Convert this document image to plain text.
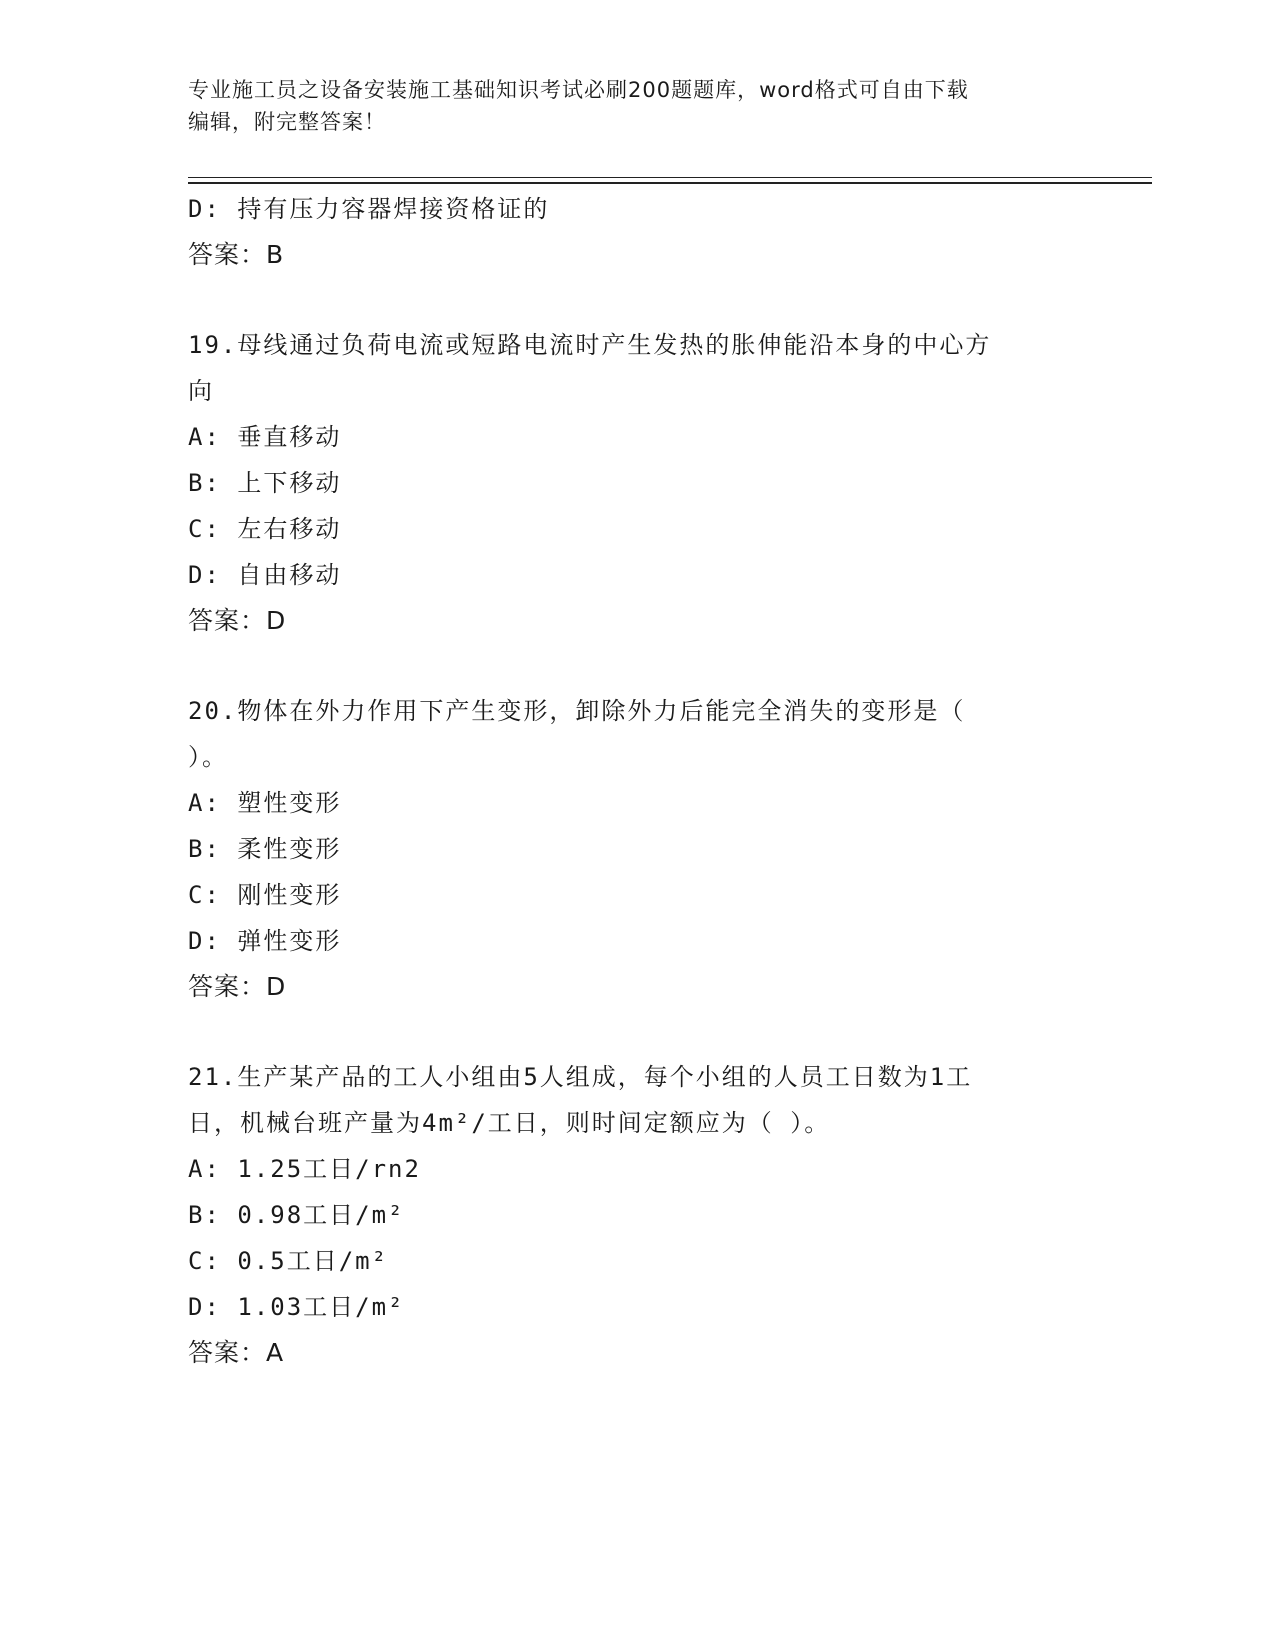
专业施工员之设备安装施工基础知识考试必刷200题题库，word格式可自由下载
编辑，附完整答案！
D: 持有压力容器焊接资格证的
答案：B
19.母线通过负荷电流或短路电流时产生发热的胀伸能沿本身的中心方
向
A: 垂直移动
B: 上下移动
C: 左右移动
D: 自由移动
答案：D
20.物体在外力作用下产生变形，卸除外力后能完全消失的变形是（
）。
A: 塑性变形
B: 柔性变形
C: 刚性变形
D: 弹性变形
答案：D
21.生产某产品的工人小组由5人组成，每个小组的人员工日数为1工
日，机械台班产量为4m²/工日，则时间定额应为（ ）。
A: 1.25工日/rn2
B: 0.98工日/m²
C: 0.5工日/m²
D: 1.03工日/m²
答案：A
